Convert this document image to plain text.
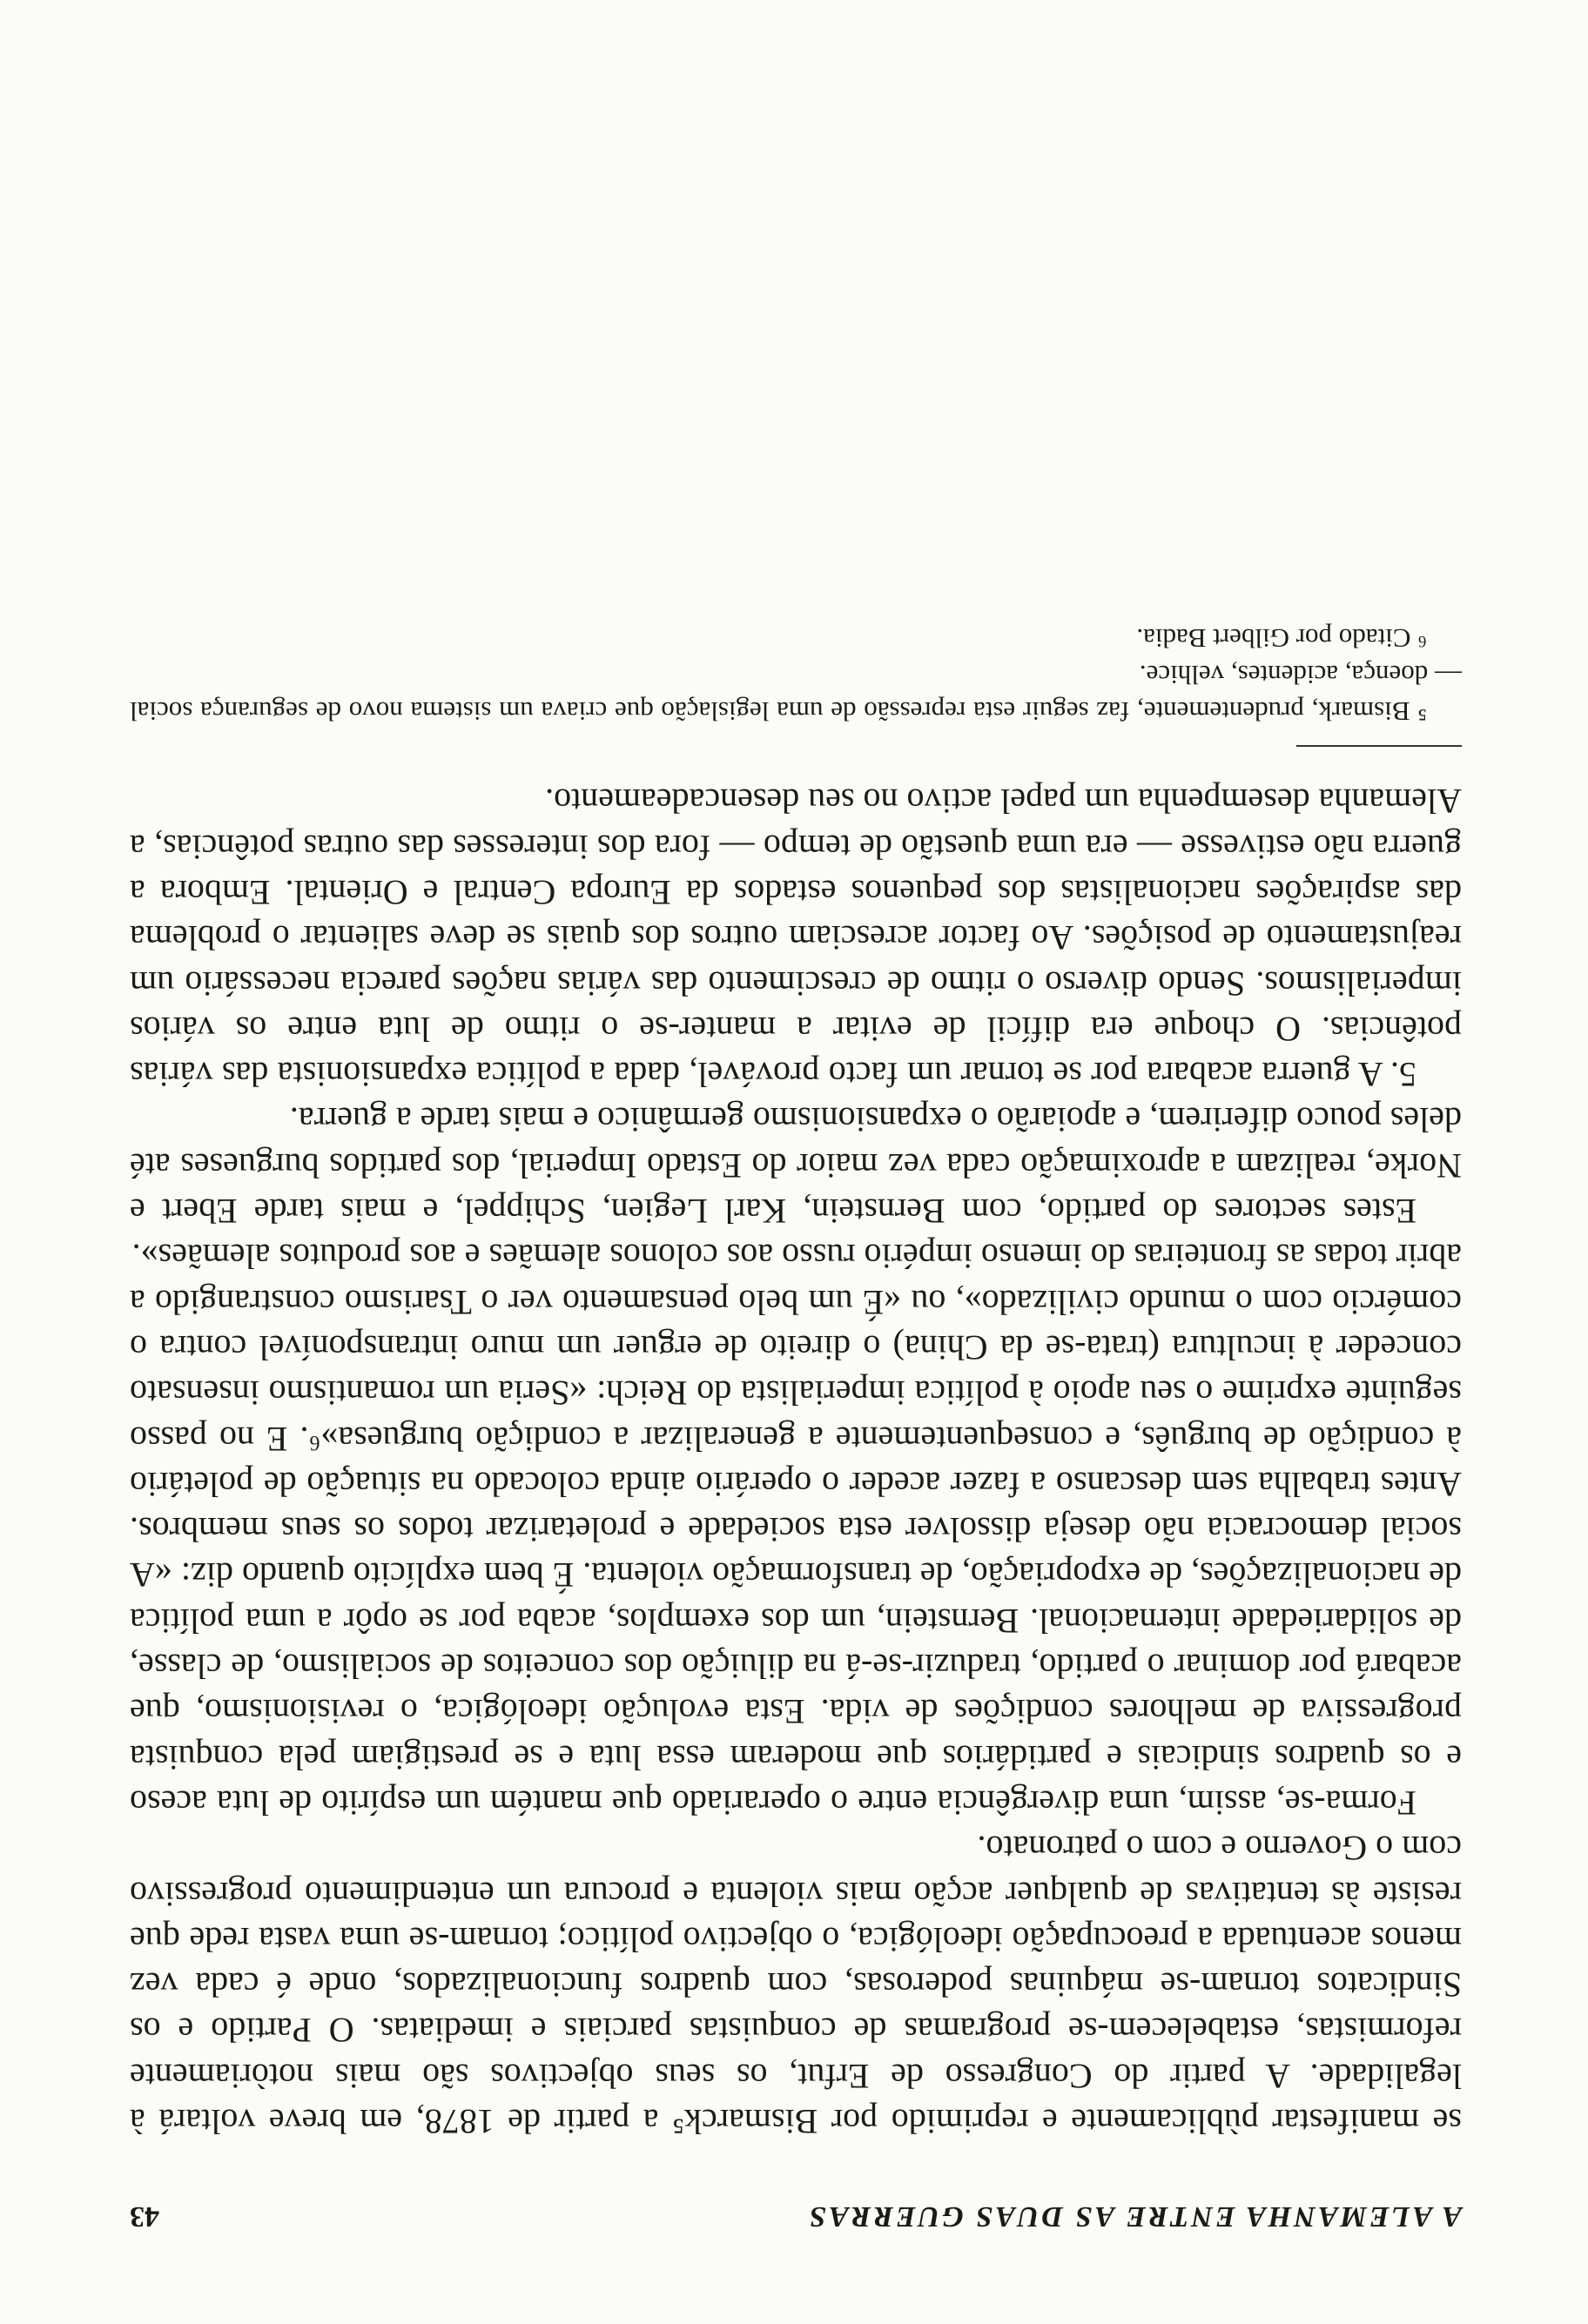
A ALEMANHA ENTRE AS DUAS GUERRAS
43

se manifestar pùblicamente e reprimido por Bismarck⁵ a partir de 1878, em breve voltará à legalidade. A partir do Congresso de Erfut, os seus objectivos são mais notòriamente reformistas, estabelecem-se programas de conquistas parciais e imediatas. O Partido e os Sindicatos tornam-se máquinas poderosas, com quadros funcionalizados, onde é cada vez menos acentuada a preocupação ideológica, o objectivo político; tornam-se uma vasta rede que resiste às tentativas de qualquer acção mais violenta e procura um entendimento progressivo com o Governo e com o patronato.

Forma-se, assim, uma divergência entre o operariado que mantém um espírito de luta aceso e os quadros sindicais e partidários que moderam essa luta e se prestigiam pela conquista progressiva de melhores condições de vida. Esta evolução ideológica, o revisionismo, que acabará por dominar o partido, traduzir-se-á na diluição dos conceitos de socialismo, de classe, de solidariedade internacional. Bernstein, um dos exemplos, acaba por se opôr a uma política de nacionalizações, de expopriação, de transformação violenta. É bem explícito quando diz: «A social democracia não deseja dissolver esta sociedade e proletarizar todos os seus membros. Antes trabalha sem descanso a fazer aceder o operário ainda colocado na situação de poletário à condição de burguês, e consequentemente a generalizar a condição burguesa»⁶. E no passo seguinte exprime o seu apoio à política imperialista do Reich: «Seria um romantismo insensato conceder à incultura (trata-se da China) o direito de erguer um muro intransponível contra o comércio com o mundo civilizado», ou «É um belo pensamento ver o Tsarismo constrangido a abrir todas as fronteiras do imenso império russo aos colonos alemães e aos produtos alemães».

Estes sectores do partido, com Bernstein, Karl Legien, Schippel, e mais tarde Ebert e Norke, realizam a aproximação cada vez maior do Estado Imperial, dos partidos burgueses até deles pouco diferirem, e apoiarão o expansionismo germânico e mais tarde a guerra.

5. A guerra acabara por se tornar um facto provável, dada a política expansionista das várias potências. O choque era difícil de evitar a manter-se o ritmo de luta entre os vários imperialismos. Sendo diverso o ritmo de crescimento das várias nações parecia necessário um reajustamento de posições. Ao factor acresciam outros dos quais se deve salientar o problema das aspirações nacionalistas dos pequenos estados da Europa Central e Oriental. Embora a guerra não estivesse — era uma questão de tempo — fora dos interesses das outras potências, a Alemanha desempenha um papel activo no seu desencadeamento.

⁵ Bismark, prudentemente, faz seguir esta repressão de uma legislação que criava um sistema novo de segurança social — doença, acidentes, velhice.

⁶ Citado por Gilbert Badia.
